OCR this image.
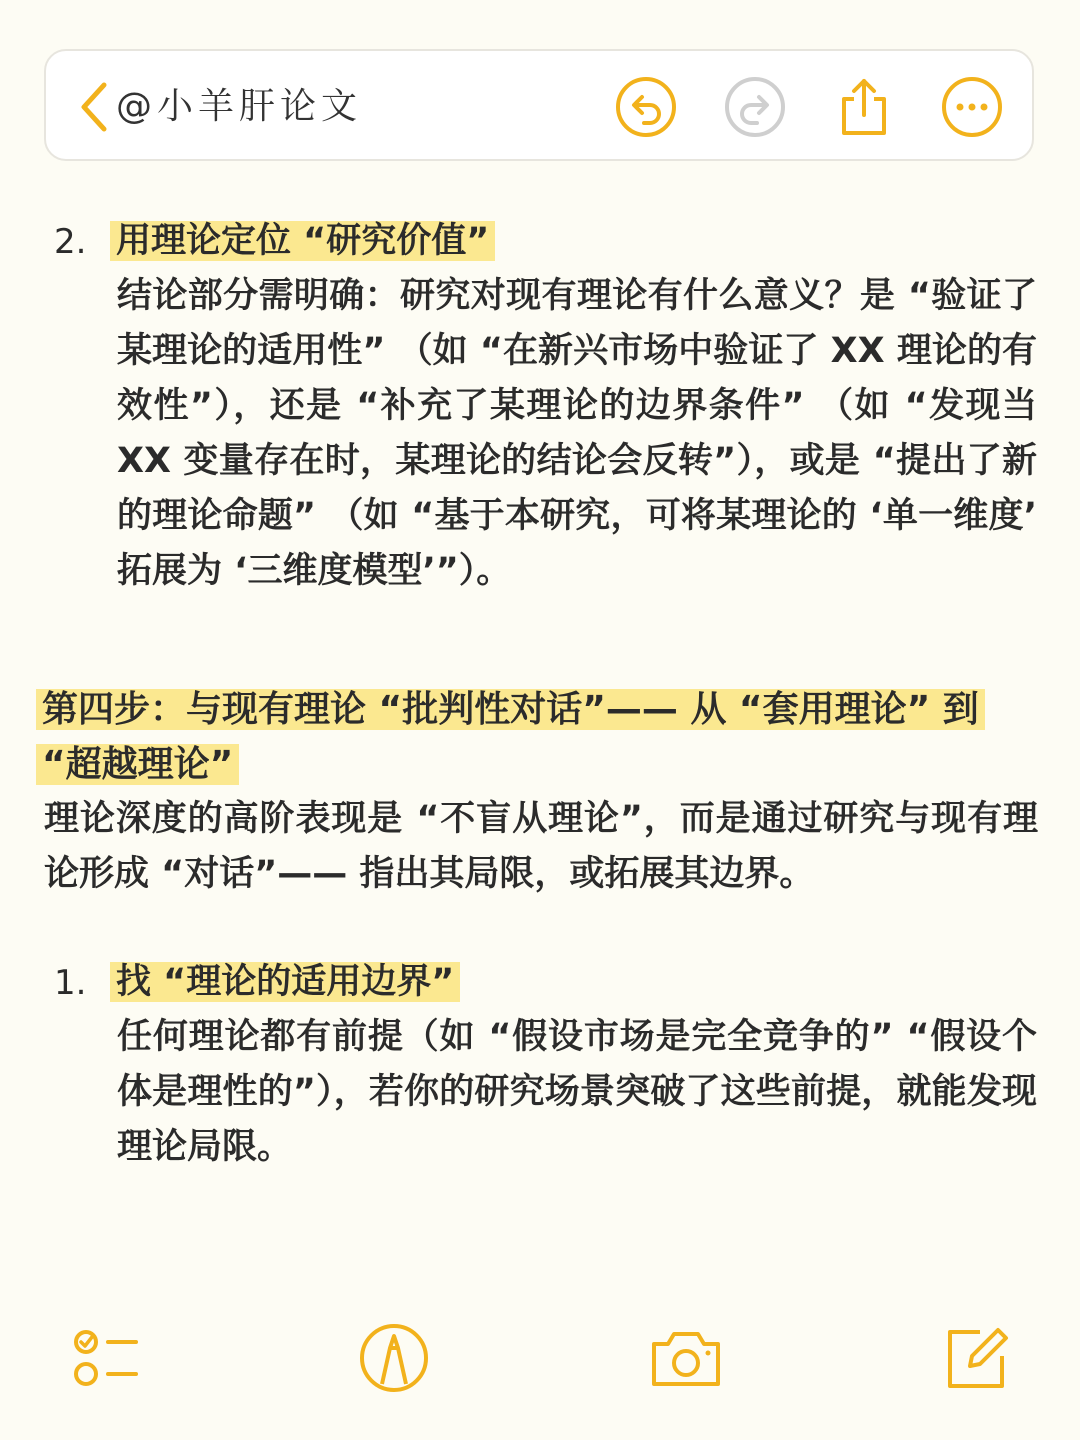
@小羊肝论文
2. 用理论定位 “研究价值”
结论部分需明确：研究对现有理论有什么意义？是 “验证了某理论的适用性” （如 “在新兴市场中验证了 XX 理论的有效性”），还是 “补充了某理论的边界条件” （如 “发现当 XX 变量存在时，某理论的结论会反转”），或是 “提出了新的理论命题” （如 “基于本研究，可将某理论的 ‘单一维度’ 拓展为 ‘三维度模型’”）。
第四步：与现有理论 “批判性对话”—— 从 “套用理论” 到 “超越理论”
理论深度的高阶表现是 “不盲从理论”，而是通过研究与现有理论形成 “对话”—— 指出其局限，或拓展其边界。
1. 找 “理论的适用边界”
任何理论都有前提（如 “假设市场是完全竞争的” “假设个体是理性的”），若你的研究场景突破了这些前提，就能发现理论局限。
